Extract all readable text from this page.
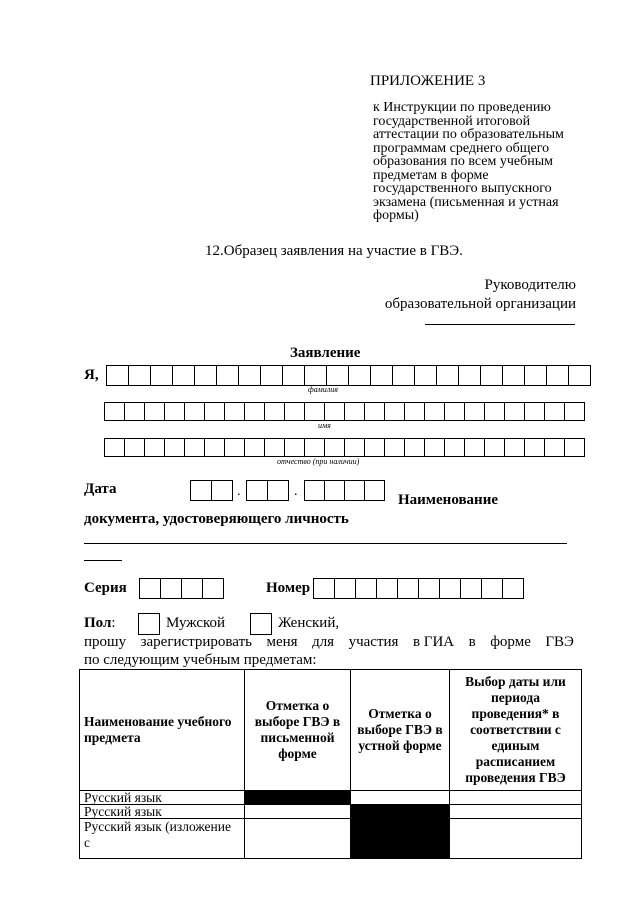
ПРИЛОЖЕНИЕ 3
к Инструкции по проведению
государственной итоговой
аттестации по образовательным
программам среднего общего
образования по всем учебным
предметам в форме
государственного выпускного
экзамена (письменная и устная
формы)
12.Образец заявления на участие в ГВЭ.
Руководителю
образовательной организации
Заявление
Я,
фамилия
имя
отчество (при наличии)
Дата	.	.
Наименование
документа, удостоверяющего личность
Серия	Номер
Пол:	Мужской	Женский,
прошу зарегистрировать меня для участия в ГИА в форме ГВЭ
по следующим учебным предметам:
Наименование учебного предмета	Отметка о выборе ГВЭ в письменной форме	Отметка о выборе ГВЭ в устной форме	Выбор даты или периода проведения* в соответствии с единым расписанием проведения ГВЭ
Русский язык			
Русский язык			
Русский язык (изложение с			
